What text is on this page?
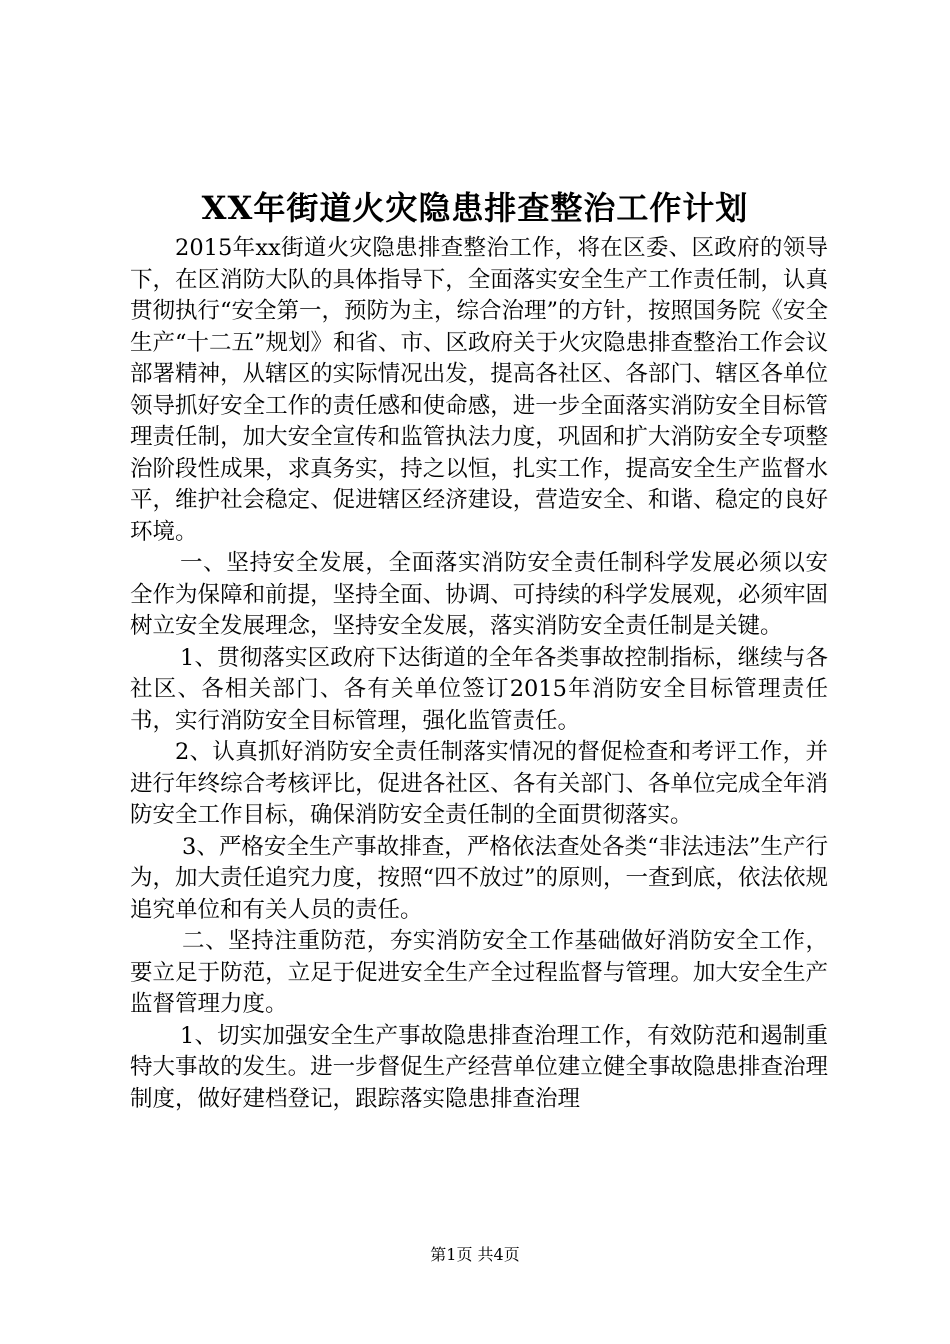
XX年街道火灾隐患排查整治工作计划

2015年xx街道火灾隐患排查整治工作，将在区委、区政府的领导下，在区消防大队的具体指导下，全面落实安全生产工作责任制，认真贯彻执行“安全第一，预防为主，综合治理”的方针，按照国务院《安全生产“十二五”规划》和省、市、区政府关于火灾隐患排查整治工作会议部署精神，从辖区的实际情况出发，提高各社区、各部门、辖区各单位领导抓好安全工作的责任感和使命感，进一步全面落实消防安全目标管理责任制，加大安全宣传和监管执法力度，巩固和扩大消防安全专项整治阶段性成果，求真务实，持之以恒，扎实工作，提高安全生产监督水平，维护社会稳定、促进辖区经济建设，营造安全、和谐、稳定的良好环境。

一、坚持安全发展，全面落实消防安全责任制科学发展必须以安全作为保障和前提，坚持全面、协调、可持续的科学发展观，必须牢固树立安全发展理念，坚持安全发展，落实消防安全责任制是关键。

1、贯彻落实区政府下达街道的全年各类事故控制指标，继续与各社区、各相关部门、各有关单位签订2015年消防安全目标管理责任书，实行消防安全目标管理，强化监管责任。

2、认真抓好消防安全责任制落实情况的督促检查和考评工作，并进行年终综合考核评比，促进各社区、各有关部门、各单位完成全年消防安全工作目标，确保消防安全责任制的全面贯彻落实。

3、严格安全生产事故排查，严格依法查处各类“非法违法”生产行为，加大责任追究力度，按照“四不放过”的原则，一查到底，依法依规追究单位和有关人员的责任。

二、坚持注重防范，夯实消防安全工作基础做好消防安全工作，要立足于防范，立足于促进安全生产全过程监督与管理。加大安全生产监督管理力度。

1、切实加强安全生产事故隐患排查治理工作，有效防范和遏制重特大事故的发生。进一步督促生产经营单位建立健全事故隐患排查治理制度，做好建档登记，跟踪落实隐患排查治理

第1页 共4页
